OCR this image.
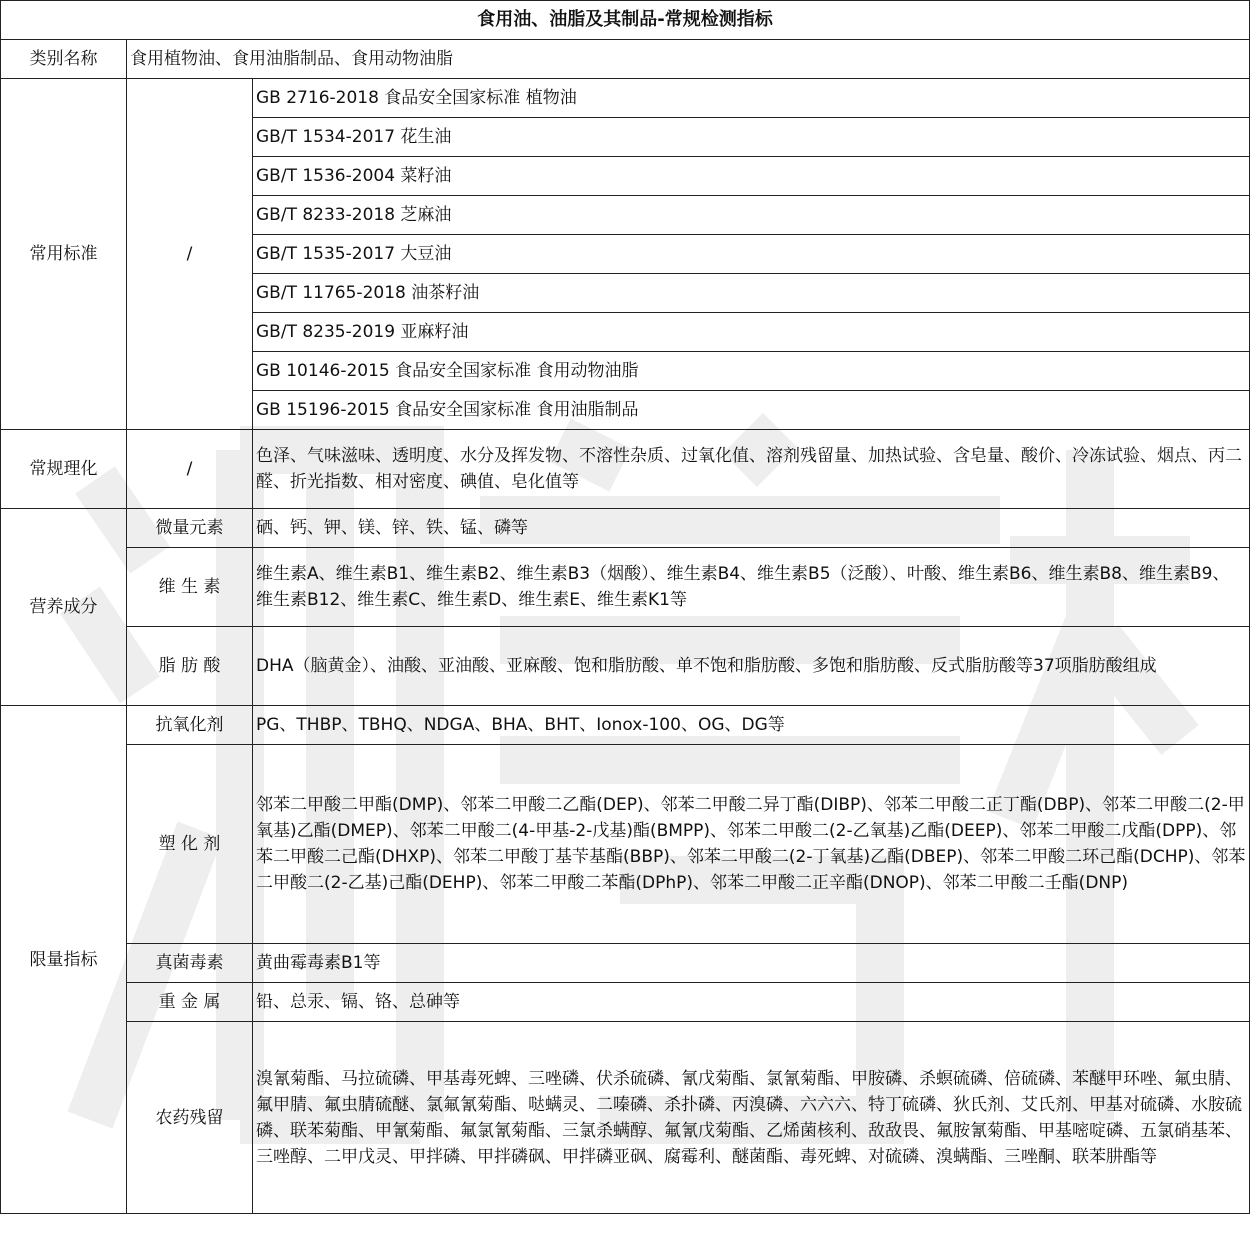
食用油、油脂及其制品-常规检测指标		
类别名称	食用植物油、食用油脂制品、食用动物油脂	
常用标准	/	GB 2716-2018 食品安全国家标准 植物油
		GB/T 1534-2017 花生油
		GB/T 1536-2004 菜籽油
		GB/T 8233-2018 芝麻油
		GB/T 1535-2017 大豆油
		GB/T 11765-2018 油茶籽油
		GB/T 8235-2019 亚麻籽油
		GB 10146-2015 食品安全国家标准 食用动物油脂
		GB 15196-2015 食品安全国家标准 食用油脂制品
常规理化	/	色泽、气味滋味、透明度、水分及挥发物、不溶性杂质、过氧化值、溶剂残留量、加热试验、含皂量、酸价、冷冻试验、烟点、丙二醛、折光指数、相对密度、碘值、皂化值等
营养成分	微量元素	硒、钙、钾、镁、锌、铁、锰、磷等
	维 生 素	维生素A、维生素B1、维生素B2、维生素B3（烟酸）、维生素B4、维生素B5（泛酸）、叶酸、维生素B6、维生素B8、维生素B9、维生素B12、维生素C、维生素D、维生素E、维生素K1等
	脂 肪 酸	DHA（脑黄金）、油酸、亚油酸、亚麻酸、饱和脂肪酸、单不饱和脂肪酸、多饱和脂肪酸、反式脂肪酸等37项脂肪酸组成
限量指标	抗氧化剂	PG、THBP、TBHQ、NDGA、BHA、BHT、Ionox-100、OG、DG等
	塑 化 剂	邻苯二甲酸二甲酯(DMP)、邻苯二甲酸二乙酯(DEP)、邻苯二甲酸二异丁酯(DIBP)、邻苯二甲酸二正丁酯(DBP)、邻苯二甲酸二(2-甲氧基)乙酯(DMEP)、邻苯二甲酸二(4-甲基-2-戊基)酯(BMPP)、邻苯二甲酸二(2-乙氧基)乙酯(DEEP)、邻苯二甲酸二戊酯(DPP)、邻苯二甲酸二己酯(DHXP)、邻苯二甲酸丁基苄基酯(BBP)、邻苯二甲酸二(2-丁氧基)乙酯(DBEP)、邻苯二甲酸二环己酯(DCHP)、邻苯二甲酸二(2-乙基)己酯(DEHP)、邻苯二甲酸二苯酯(DPhP)、邻苯二甲酸二正辛酯(DNOP)、邻苯二甲酸二壬酯(DNP)
	真菌毒素	黄曲霉毒素B1等
	重 金 属	铅、总汞、镉、铬、总砷等
	农药残留	溴氰菊酯、马拉硫磷、甲基毒死蜱、三唑磷、伏杀硫磷、氰戊菊酯、氯氰菊酯、甲胺磷、杀螟硫磷、倍硫磷、苯醚甲环唑、氟虫腈、氟甲腈、氟虫腈硫醚、氯氟氰菊酯、哒螨灵、二嗪磷、杀扑磷、丙溴磷、六六六、特丁硫磷、狄氏剂、艾氏剂、甲基对硫磷、水胺硫磷、联苯菊酯、甲氰菊酯、氟氯氰菊酯、三氯杀螨醇、氟氰戊菊酯、乙烯菌核利、敌敌畏、氟胺氰菊酯、甲基嘧啶磷、五氯硝基苯、三唑醇、二甲戊灵、甲拌磷、甲拌磷砜、甲拌磷亚砜、腐霉利、醚菌酯、毒死蜱、对硫磷、溴螨酯、三唑酮、联苯肼酯等
